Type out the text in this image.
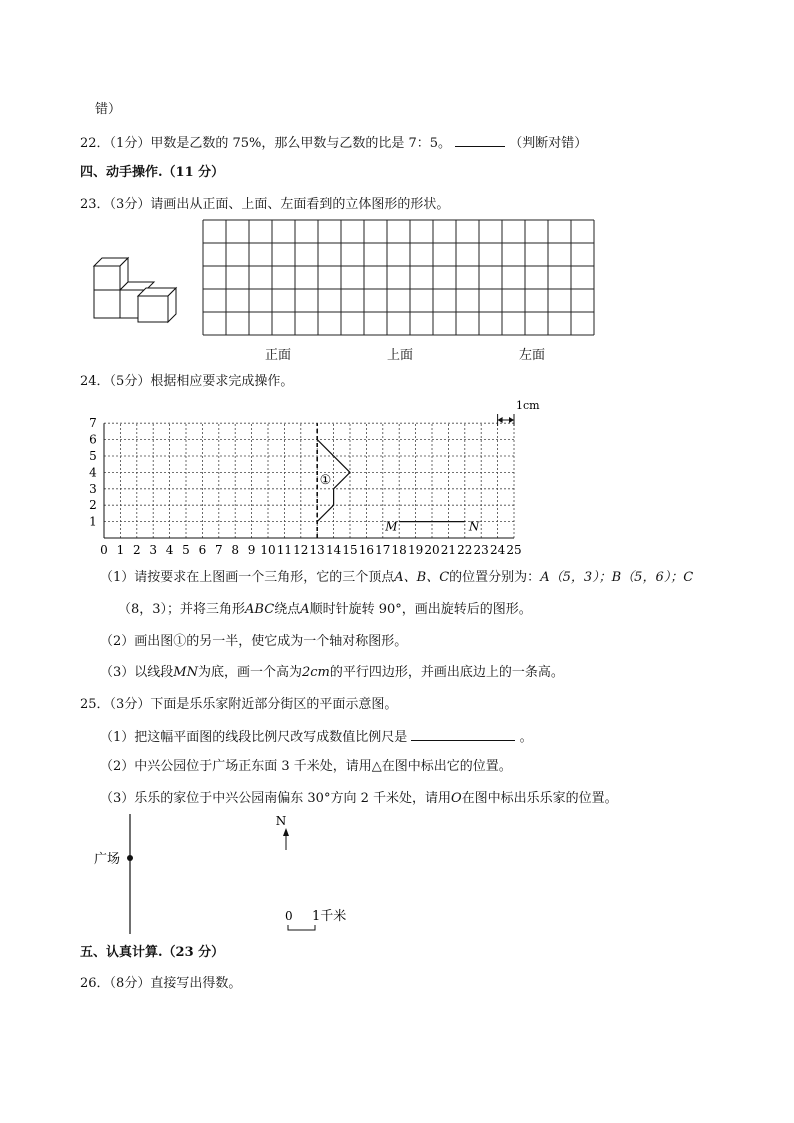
错）
22．（1分）甲数是乙数的 75%，那么甲数与乙数的比是 7：5。	（判断对错）
四、动手操作.（11 分）
23．（3分）请画出从正面、上面、左面看到的立体图形的形状。
正面	上面	左面
24．（5分）根据相应要求完成操作。
1cm
①
M	N
0 1 2 3 4 5 6 7 8 9 10 11 12 13 14 15 16 17 18 19 20 21 22 23 24 25
1
2
3
4
5
6
7
（1）请按要求在上图画一个三角形，它的三个顶点A、B、C的位置分别为：A（5，3）；B（5，6）；C
（8，3）；并将三角形ABC绕点A顺时针旋转 90°，画出旋转后的图形。
（2）画出图①的另一半，使它成为一个轴对称图形。
（3）以线段MN为底，画一个高为2cm的平行四边形，并画出底边上的一条高。
25．（3分）下面是乐乐家附近部分街区的平面示意图。
（1）把这幅平面图的线段比例尺改写成数值比例尺是	。
（2）中兴公园位于广场正东面 3 千米处，请用△在图中标出它的位置。
（3）乐乐的家位于中兴公园南偏东 30°方向 2 千米处，请用O在图中标出乐乐家的位置。
广场
N
0 1千米
五、认真计算.（23 分）
26．（8分）直接写出得数。
